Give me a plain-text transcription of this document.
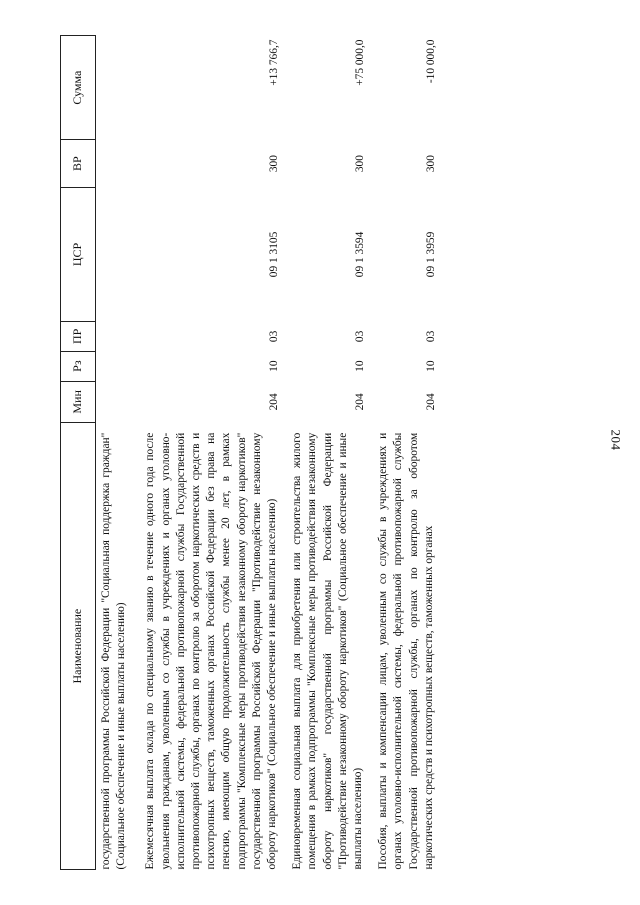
204
Наименование	Мин	Рз	ПР	ЦСР	ВР	Сумма
государственной программы Российской Федерации "Социальная поддержка граждан" (Социальное обеспечение и иные выплаты населению)						
Ежемесячная выплата оклада по специальному званию в течение одного года после увольнения гражданам, уволенным со службы в учреждениях и органах уголовно-исполнительной системы, федеральной противопожарной службы Государственной противопожарной службы, органах по контролю за оборотом наркотических средств и психотропных веществ, таможенных органах Российской Федерации без права на пенсию, имеющим общую продолжительность службы менее 20 лет, в рамках подпрограммы "Комплексные меры противодействия незаконному обороту наркотиков" государственной программы Российской Федерации "Противодействие незаконному обороту наркотиков" (Социальное обеспечение и иные выплаты населению)	204	10	03	09 1 3105	300	+13 766,7
Единовременная социальная выплата для приобретения или строительства жилого помещения в рамках подпрограммы "Комплексные меры противодействия незаконному обороту наркотиков" государственной программы Российской Федерации "Противодействие незаконному обороту наркотиков" (Социальное обеспечение и иные выплаты населению)	204	10	03	09 1 3594	300	+75 000,0
Пособия, выплаты и компенсации лицам, уволенным со службы в учреждениях и органах уголовно-исполнительной системы, федеральной противопожарной службы Государственной противопожарной службы, органах по контролю за оборотом наркотических средств и психотропных веществ, таможенных органах	204	10	03	09 1 3959	300	-10 000,0
